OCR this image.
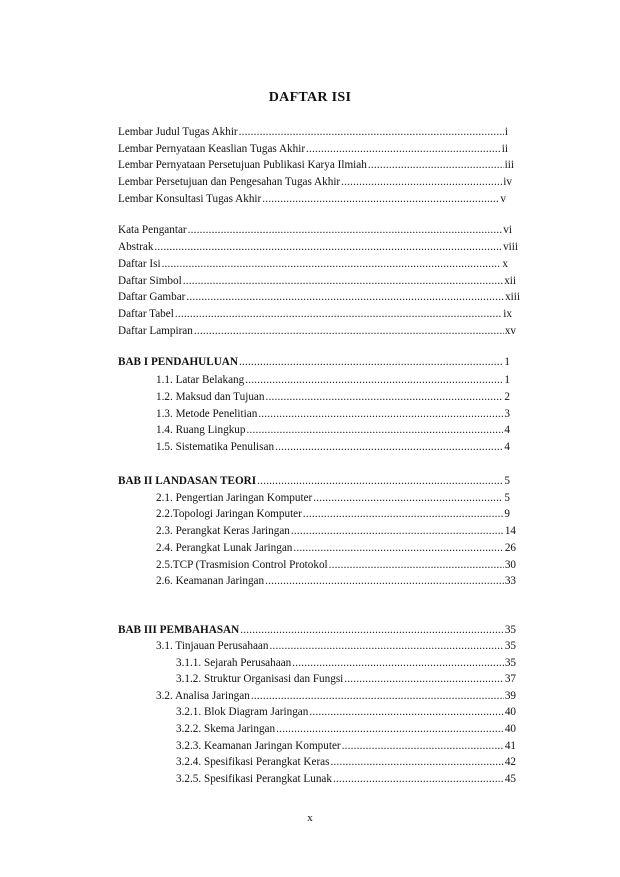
DAFTAR ISI
Lembar Judul Tugas Akhir .....	i
Lembar Pernyataan Keaslian Tugas Akhir .....	ii
Lembar Pernyataan Persetujuan Publikasi Karya Ilmiah .....	iii
Lembar Persetujuan dan Pengesahan Tugas Akhir .....	iv
Lembar Konsultasi Tugas Akhir .....	v
Kata Pengantar .....	vi
Abstrak .....	viii
Daftar Isi .....	x
Daftar Simbol .....	xii
Daftar Gambar .....	xiii
Daftar Tabel .....	ix
Daftar Lampiran .....	xv
BAB I PENDAHULUAN .....	1
1.1. Latar Belakang .....	1
1.2. Maksud dan Tujuan .....	2
1.3. Metode Penelitian .....	3
1.4. Ruang Lingkup .....	4
1.5. Sistematika Penulisan .....	4
BAB II LANDASAN TEORI .....	5
2.1. Pengertian Jaringan Komputer .....	5
2.2.Topologi Jaringan Komputer .....	9
2.3. Perangkat Keras Jaringan .....	14
2.4. Perangkat Lunak Jaringan .....	26
2.5.TCP (Trasmision Control Protokol .....	30
2.6. Keamanan Jaringan .....	33
BAB III PEMBAHASAN .....	35
3.1. Tinjauan Perusahaan .....	35
3.1.1. Sejarah Perusahaan .....	35
3.1.2. Struktur Organisasi dan Fungsi .....	37
3.2. Analisa Jaringan .....	39
3.2.1. Blok Diagram Jaringan .....	40
3.2.2. Skema Jaringan .....	40
3.2.3. Keamanan Jaringan Komputer .....	41
3.2.4. Spesifikasi Perangkat Keras .....	42
3.2.5. Spesifikasi Perangkat Lunak .....	45
x
